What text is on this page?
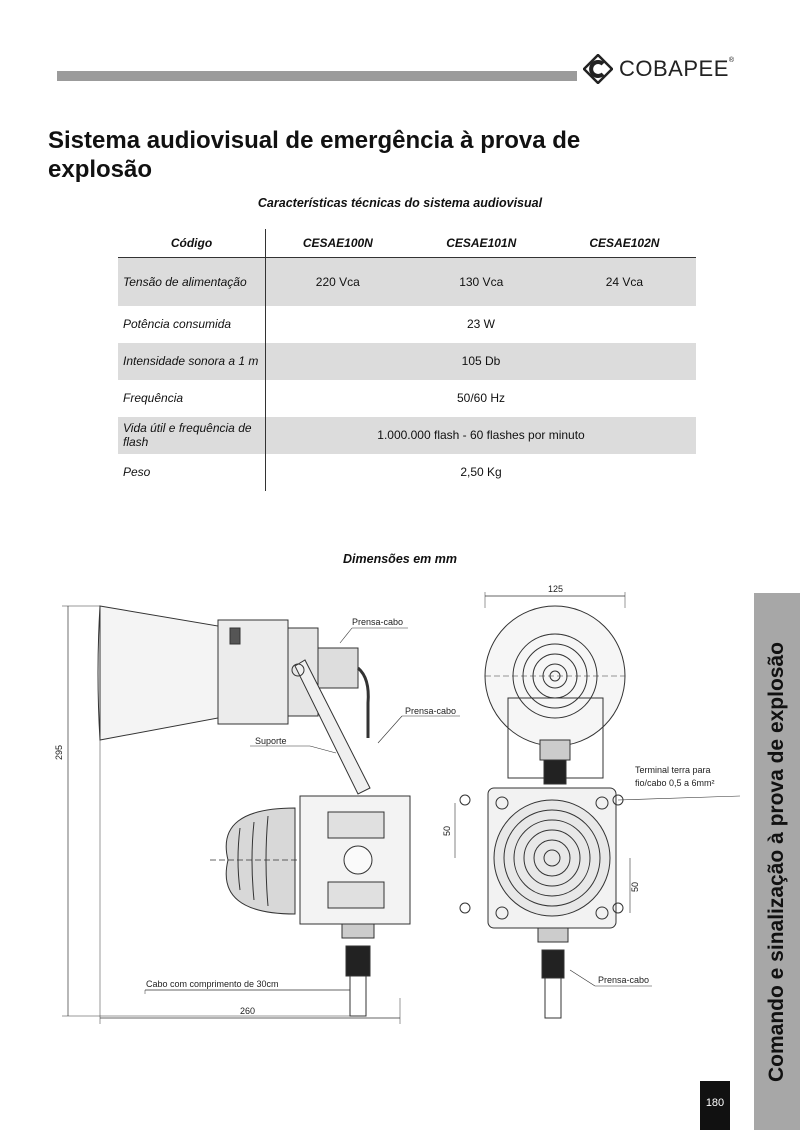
COBAPEE ®
Sistema audiovisual de emergência à prova de explosão
Características técnicas do sistema audiovisual
Código	CESAE100N	CESAE101N	CESAE102N
Tensão de alimentação	220 Vca	130 Vca	24 Vca
Potência consumida	23 W		
Intensidade sonora a 1 m	105 Db		
Frequência	50/60 Hz		
Vida útil e frequência de flash	1.000.000 flash - 60 flashes por minuto		
Peso	2,50 Kg		
Dimensões em mm
Prensa-cabo
Prensa-cabo
Suporte
Cabo com comprimento de 30cm
295
260
125
50
50
Terminal terra para
fio/cabo 0,5 a 6mm²
Prensa-cabo	Comando e sinalização à prova de explosão
180
